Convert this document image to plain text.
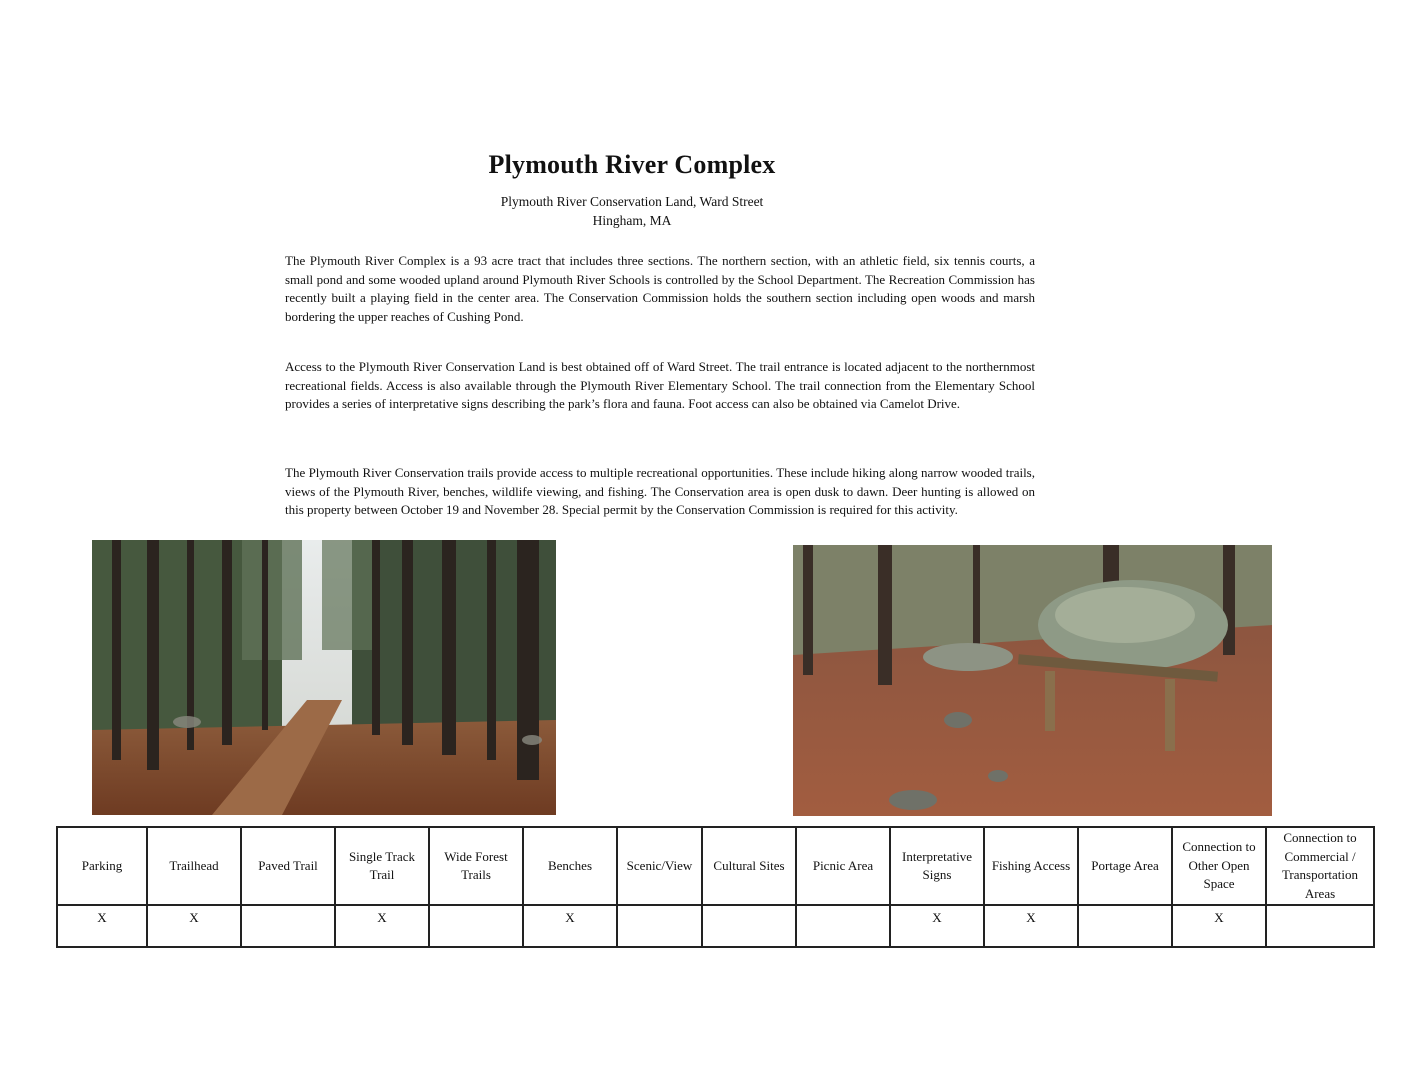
Plymouth River Complex
Plymouth River Conservation Land, Ward Street
Hingham, MA

The Plymouth River Complex is a 93 acre tract that includes three sections. The northern section, with an athletic field, six tennis courts, a small pond and some wooded upland around Plymouth River Schools is controlled by the School Department. The Recreation Commission has recently built a playing field in the center area. The Conservation Commission holds the southern section including open woods and marsh bordering the upper reaches of Cushing Pond.

Access to the Plymouth River Conservation Land is best obtained off of Ward Street. The trail entrance is located adjacent to the northernmost recreational fields. Access is also available through the Plymouth River Elementary School. The trail connection from the Elementary School provides a series of interpretative signs describing the park’s flora and fauna. Foot access can also be obtained via Camelot Drive.

The Plymouth River Conservation trails provide access to multiple recreational opportunities. These include hiking along narrow wooded trails, views of the Plymouth River, benches, wildlife viewing, and fishing. The Conservation area is open dusk to dawn. Deer hunting is allowed on this property between October 19 and November 28. Special permit by the Conservation Commission is required for this activity.

Parking	Trailhead	Paved Trail	Single Track Trail	Wide Forest Trails	Benches	Scenic/View	Cultural Sites	Picnic Area	Interpretative Signs	Fishing Access	Portage Area	Connection to Other Open Space	Connection to Commercial / Transportation Areas
X	X		X		X				X	X		X	
